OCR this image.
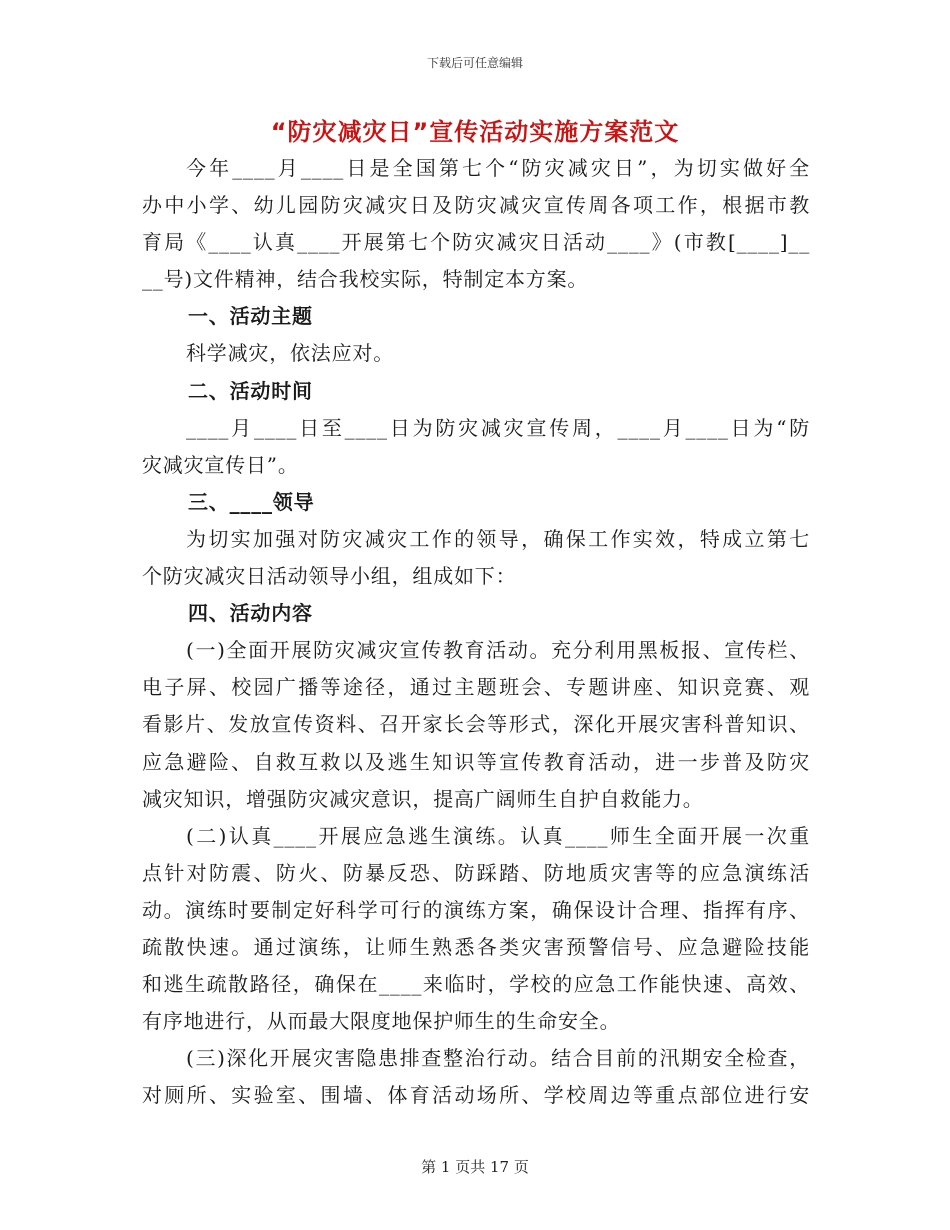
下载后可任意编辑
“防灾减灾日”宣传活动实施方案范文
今年____月____日是全国第七个“防灾减灾日”，为切实做好全
办中小学、幼儿园防灾减灾日及防灾减灾宣传周各项工作，根据市教
育局《____认真____开展第七个防灾减灾日活动____》(市教[____]__
__号)文件精神，结合我校实际，特制定本方案。
一、活动主题
科学减灾，依法应对。
二、活动时间
____月____日至____日为防灾减灾宣传周，____月____日为“防
灾减灾宣传日”。
三、____领导
为切实加强对防灾减灾工作的领导，确保工作实效，特成立第七
个防灾减灾日活动领导小组，组成如下：
四、活动内容
(一)全面开展防灾减灾宣传教育活动。充分利用黑板报、宣传栏、
电子屏、校园广播等途径，通过主题班会、专题讲座、知识竞赛、观
看影片、发放宣传资料、召开家长会等形式，深化开展灾害科普知识、
应急避险、自救互救以及逃生知识等宣传教育活动，进一步普及防灾
减灾知识，增强防灾减灾意识，提高广阔师生自护自救能力。
(二)认真____开展应急逃生演练。认真____师生全面开展一次重
点针对防震、防火、防暴反恐、防踩踏、防地质灾害等的应急演练活
动。演练时要制定好科学可行的演练方案，确保设计合理、指挥有序、
疏散快速。通过演练，让师生熟悉各类灾害预警信号、应急避险技能
和逃生疏散路径，确保在____来临时，学校的应急工作能快速、高效、
有序地进行，从而最大限度地保护师生的生命安全。
(三)深化开展灾害隐患排查整治行动。结合目前的汛期安全检查，
对厕所、实验室、围墙、体育活动场所、学校周边等重点部位进行安
第 1 页共 17 页
